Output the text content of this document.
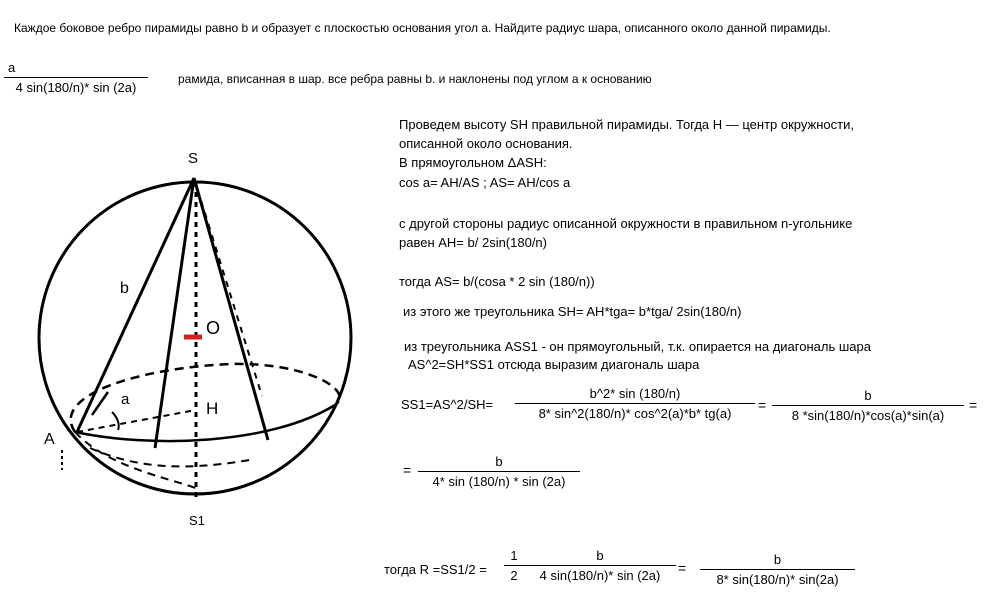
Каждое боковое ребро пирамиды равно b и образует с плоскостью основания угол a. Найдите радиус шара, описанного около данной пирамиды.
a
4 sin(180/n)* sin (2a)
рамида, вписанная в шар. все ребра равны b. и наклонены под углом a к основанию
S
O
b
a	H
A
S1
Проведем высоту SH правильной пирамиды. Тогда H — центр окружности,
описанной около основания.
В прямоугольном ΔASH:
cos a= AH/AS ; AS= AH/cos a
с другой стороны радиус описанной окружности в правильном n-угольнике
равен AH= b/ 2sin(180/n)
тогда AS= b/(cosa * 2 sin (180/n))
из этого же треугольника SH= AH*tga= b*tga/ 2sin(180/n)
из треугольника ASS1 - он прямоугольный, т.к. опирается на диагональ шара
AS^2=SH*SS1 отсюда выразим диагональ шара
SS1=AS^2/SH=
b^2* sin (180/n)
8* sin^2(180/n)* cos^2(a)*b* tg(a)
=
b
8 *sin(180/n)*cos(a)*sin(a)
=
=
b
4* sin (180/n) * sin (2a)
тогда R =SS1/2 =
1
2
b
4 sin(180/n)* sin (2a)	=
b
8* sin(180/n)* sin(2a)
